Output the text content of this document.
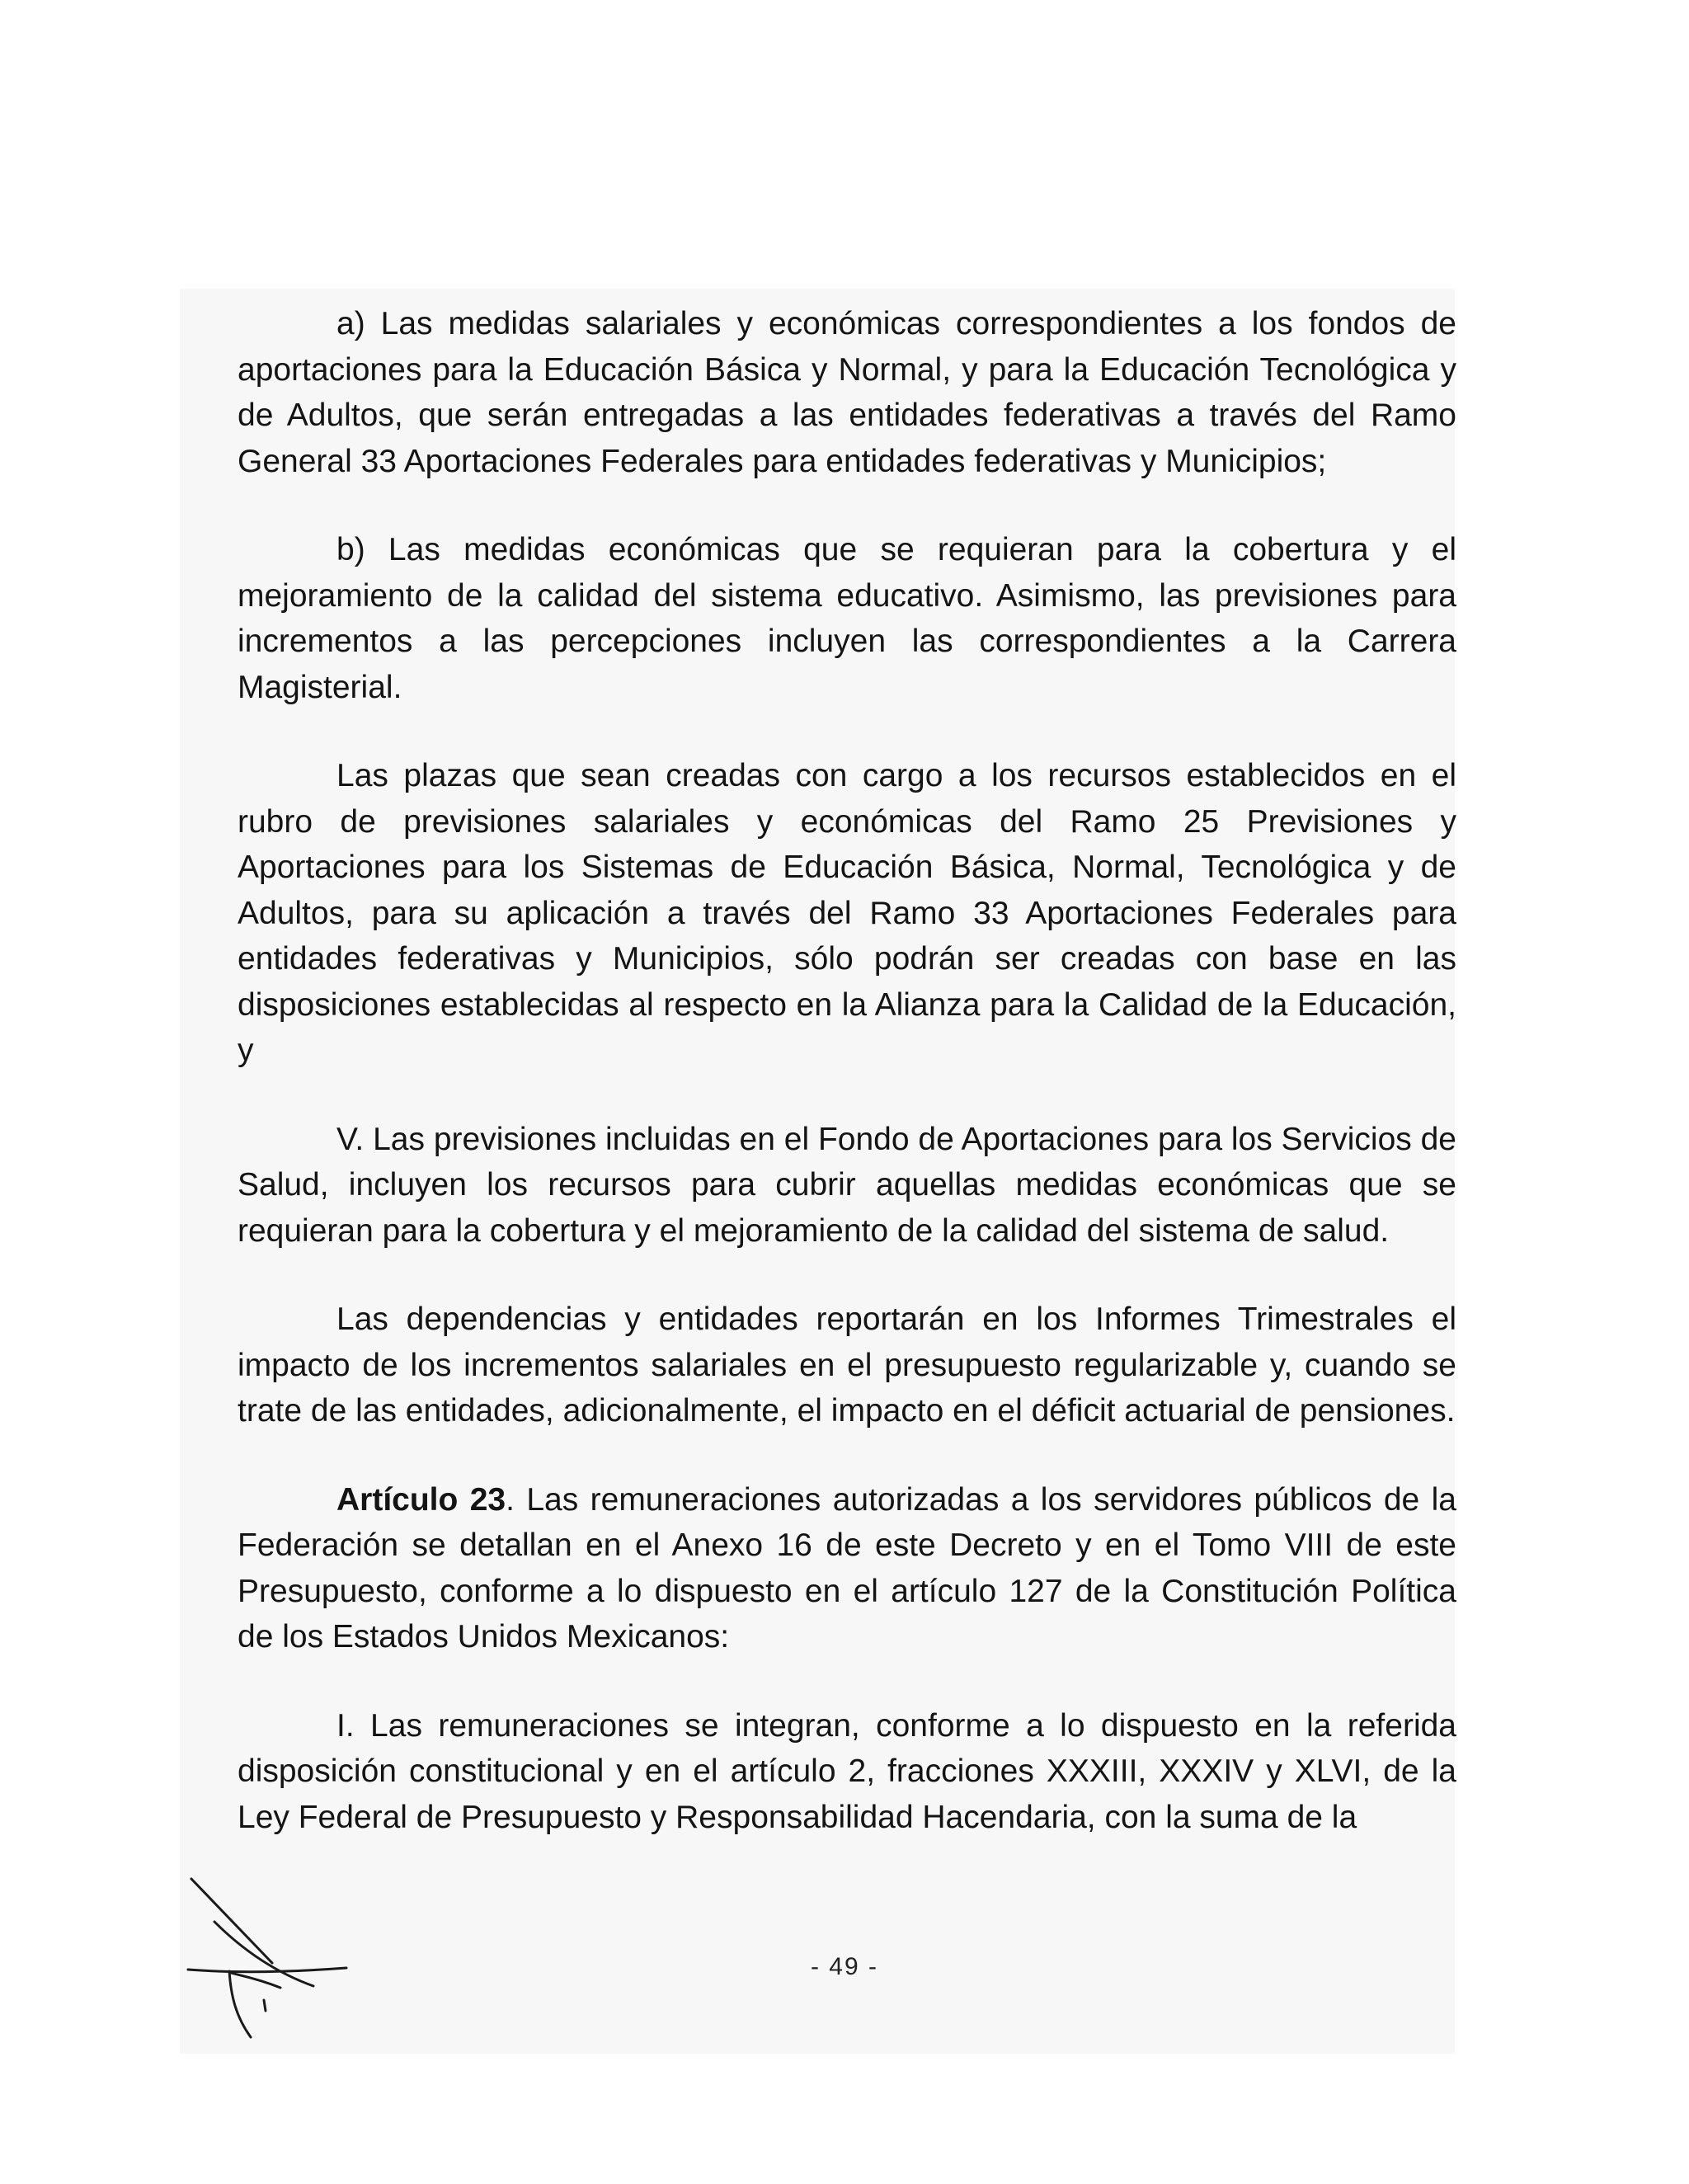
a) Las medidas salariales y económicas correspondientes a los fondos de aportaciones para la Educación Básica y Normal, y para la Educación Tecnológica y de Adultos, que serán entregadas a las entidades federativas a través del Ramo General 33 Aportaciones Federales para entidades federativas y Municipios;

b) Las medidas económicas que se requieran para la cobertura y el mejoramiento de la calidad del sistema educativo. Asimismo, las previsiones para incrementos a las percepciones incluyen las correspondientes a la Carrera Magisterial.

Las plazas que sean creadas con cargo a los recursos establecidos en el rubro de previsiones salariales y económicas del Ramo 25 Previsiones y Aportaciones para los Sistemas de Educación Básica, Normal, Tecnológica y de Adultos, para su aplicación a través del Ramo 33 Aportaciones Federales para entidades federativas y Municipios, sólo podrán ser creadas con base en las disposiciones establecidas al respecto en la Alianza para la Calidad de la Educación, y

V. Las previsiones incluidas en el Fondo de Aportaciones para los Servicios de Salud, incluyen los recursos para cubrir aquellas medidas económicas que se requieran para la cobertura y el mejoramiento de la calidad del sistema de salud.

Las dependencias y entidades reportarán en los Informes Trimestrales el impacto de los incrementos salariales en el presupuesto regularizable y, cuando se trate de las entidades, adicionalmente, el impacto en el déficit actuarial de pensiones.

Artículo 23. Las remuneraciones autorizadas a los servidores públicos de la Federación se detallan en el Anexo 16 de este Decreto y en el Tomo VIII de este Presupuesto, conforme a lo dispuesto en el artículo 127 de la Constitución Política de los Estados Unidos Mexicanos:

I. Las remuneraciones se integran, conforme a lo dispuesto en la referida disposición constitucional y en el artículo 2, fracciones XXXIII, XXXIV y XLVI, de la Ley Federal de Presupuesto y Responsabilidad Hacendaria, con la suma de la

- 49 -
